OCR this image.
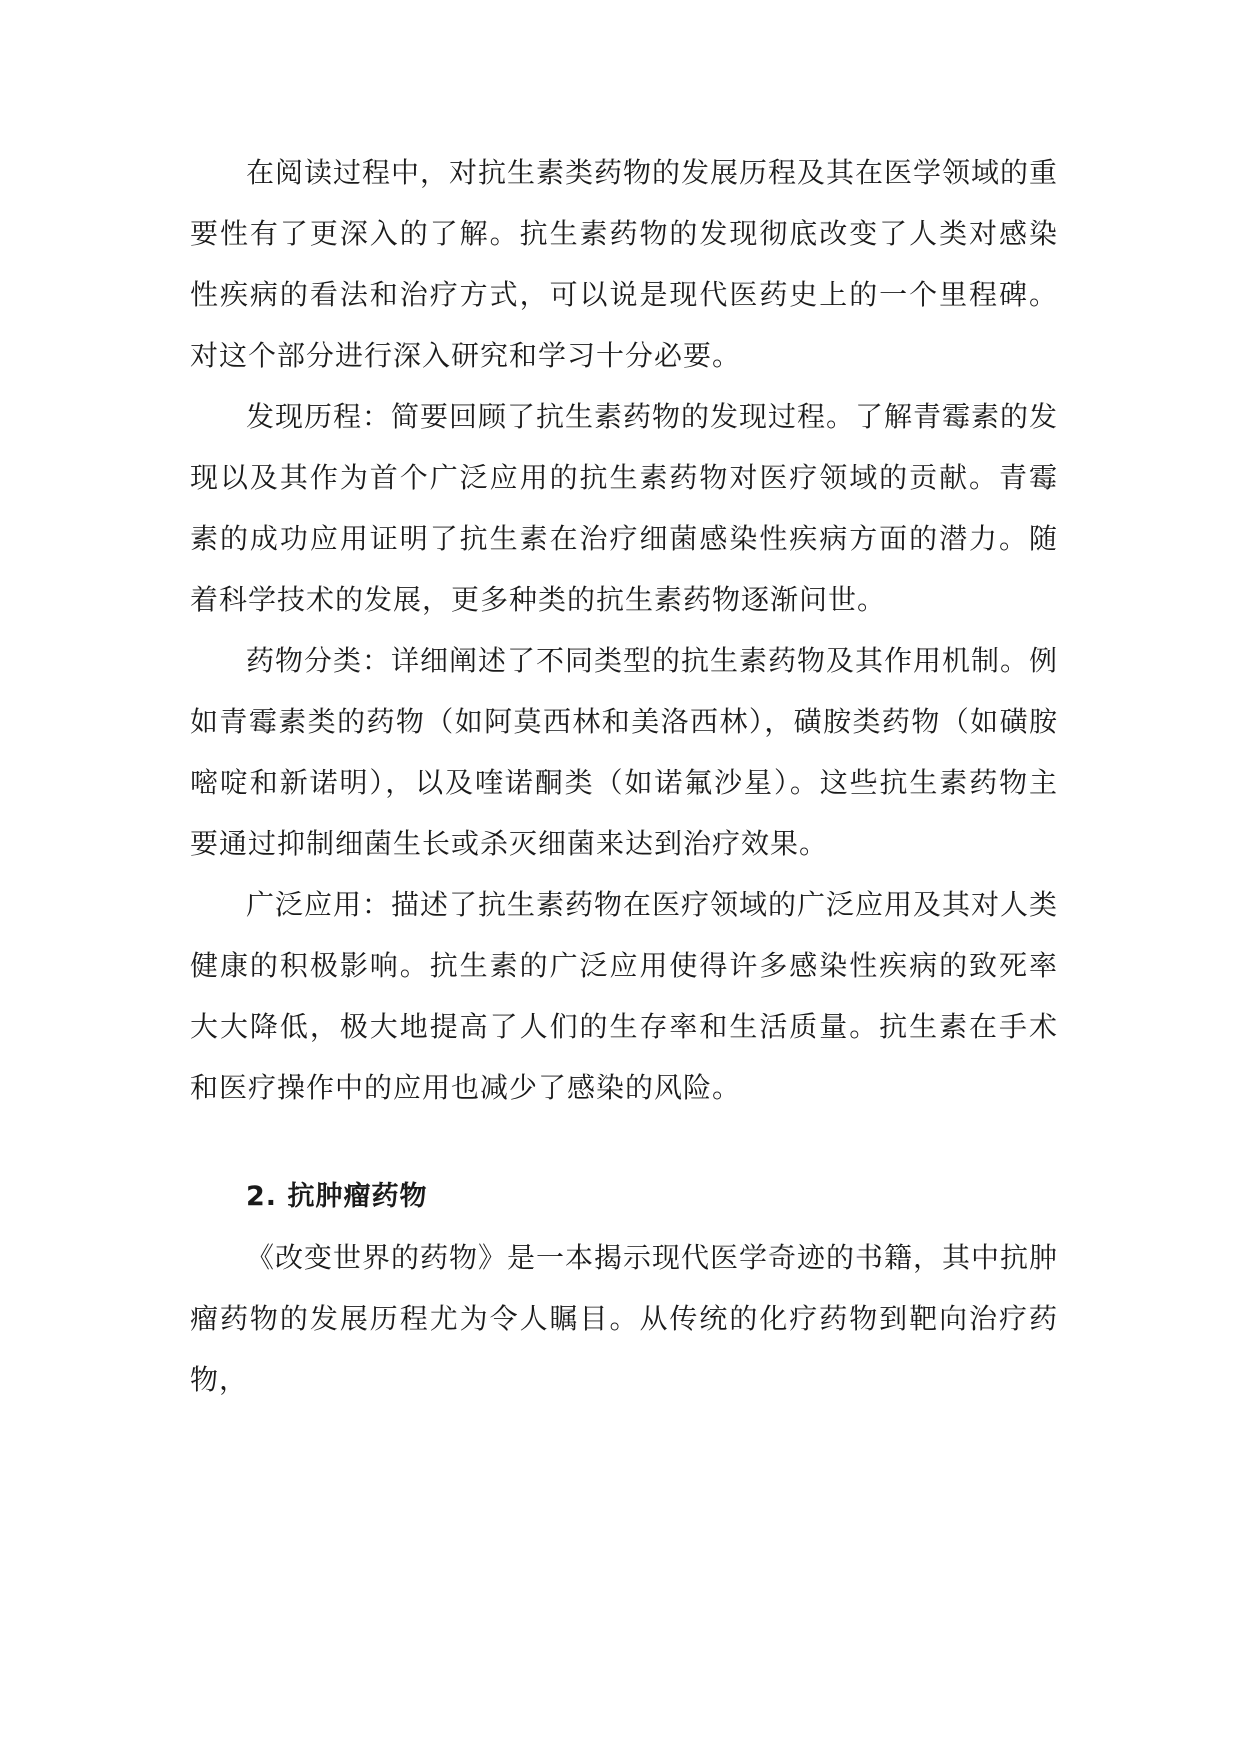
在阅读过程中，对抗生素类药物的发展历程及其在医学领域的重要性有了更深入的了解。抗生素药物的发现彻底改变了人类对感染性疾病的看法和治疗方式，可以说是现代医药史上的一个里程碑。对这个部分进行深入研究和学习十分必要。

发现历程：简要回顾了抗生素药物的发现过程。了解青霉素的发现以及其作为首个广泛应用的抗生素药物对医疗领域的贡献。青霉素的成功应用证明了抗生素在治疗细菌感染性疾病方面的潜力。随着科学技术的发展，更多种类的抗生素药物逐渐问世。

药物分类：详细阐述了不同类型的抗生素药物及其作用机制。例如青霉素类的药物（如阿莫西林和美洛西林），磺胺类药物（如磺胺嘧啶和新诺明），以及喹诺酮类（如诺氟沙星）。这些抗生素药物主要通过抑制细菌生长或杀灭细菌来达到治疗效果。

广泛应用：描述了抗生素药物在医疗领域的广泛应用及其对人类健康的积极影响。抗生素的广泛应用使得许多感染性疾病的致死率大大降低，极大地提高了人们的生存率和生活质量。抗生素在手术和医疗操作中的应用也减少了感染的风险。

2. 抗肿瘤药物

《改变世界的药物》是一本揭示现代医学奇迹的书籍，其中抗肿瘤药物的发展历程尤为令人瞩目。从传统的化疗药物到靶向治疗药物，
